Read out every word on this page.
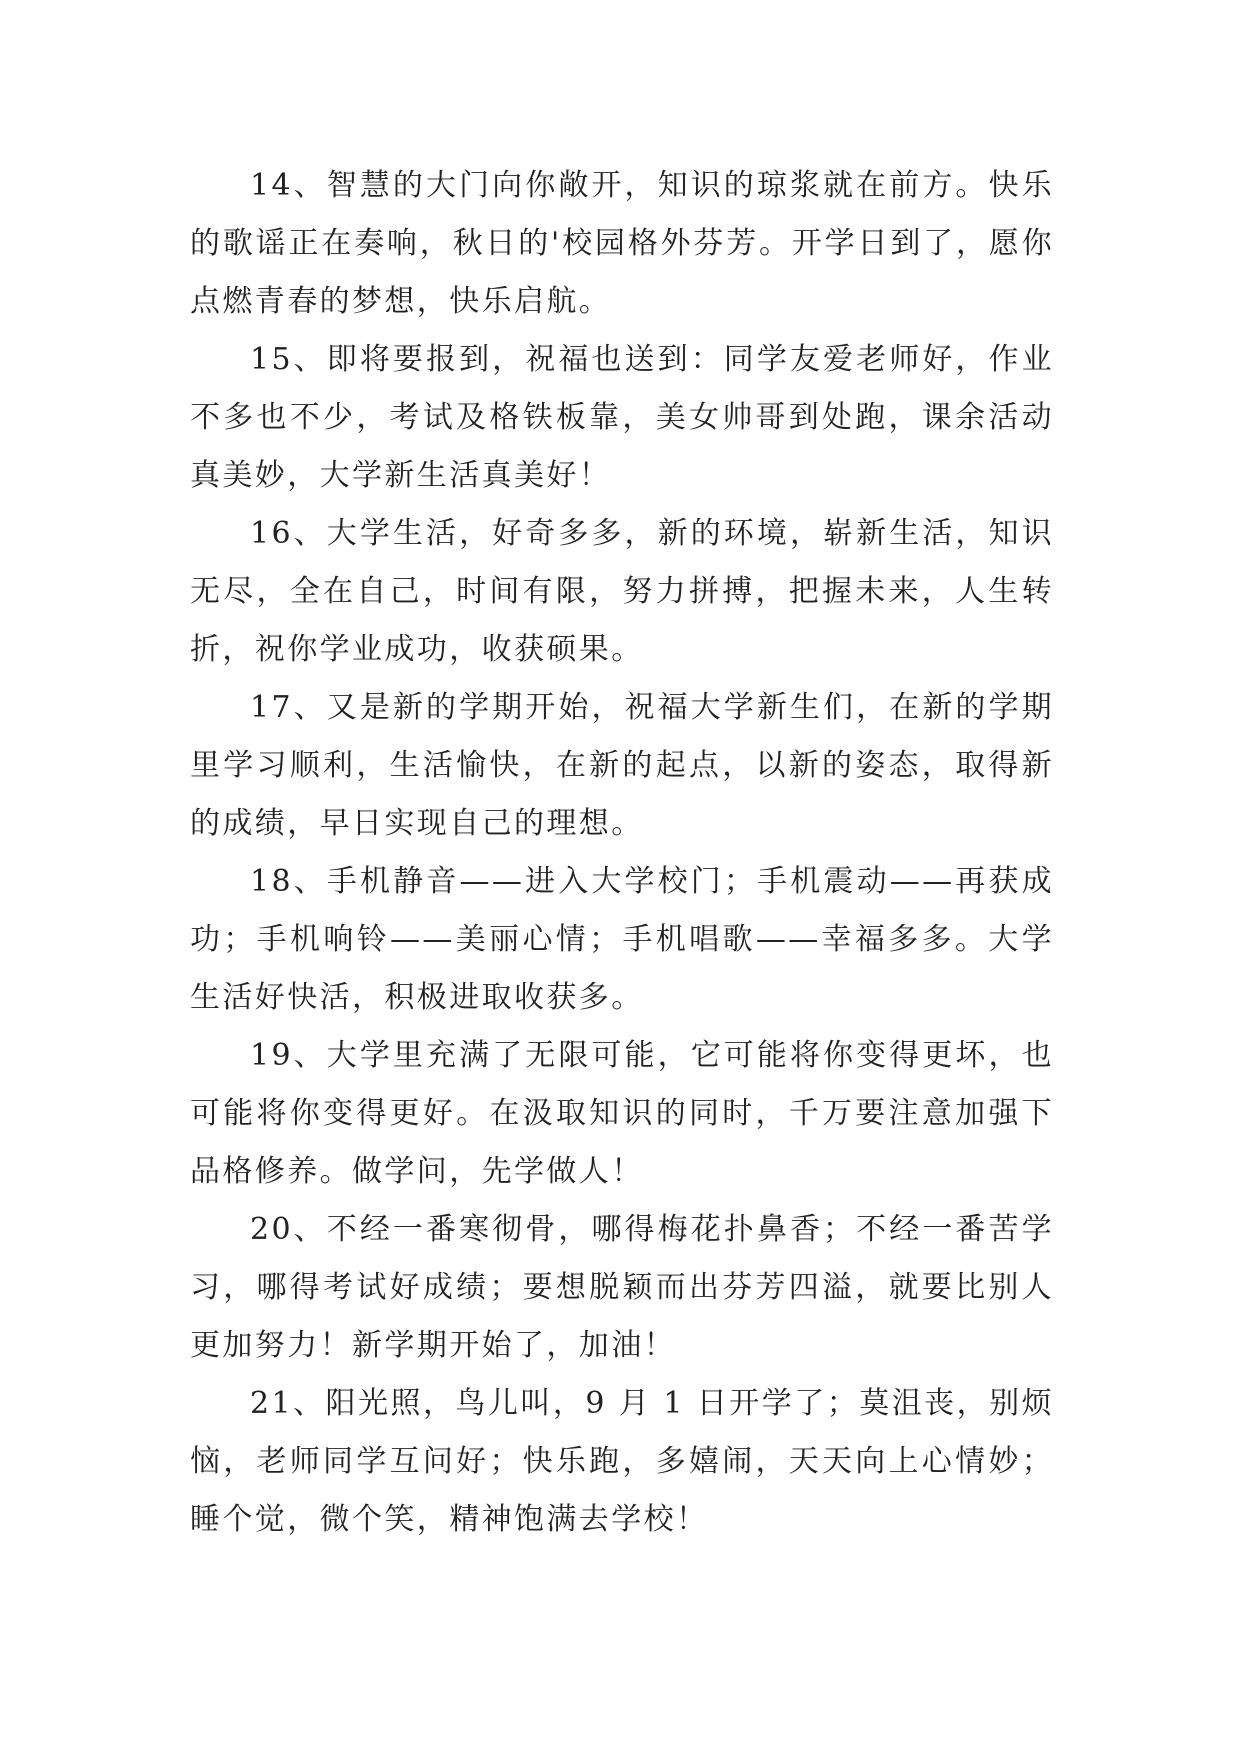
14、智慧的大门向你敞开，知识的琼浆就在前方。快乐的歌谣正在奏响，秋日的'校园格外芬芳。开学日到了，愿你点燃青春的梦想，快乐启航。

15、即将要报到，祝福也送到：同学友爱老师好，作业不多也不少，考试及格铁板靠，美女帅哥到处跑，课余活动真美妙，大学新生活真美好！

16、大学生活，好奇多多，新的环境，崭新生活，知识无尽，全在自己，时间有限，努力拼搏，把握未来，人生转折，祝你学业成功，收获硕果。

17、又是新的学期开始，祝福大学新生们，在新的学期里学习顺利，生活愉快，在新的起点，以新的姿态，取得新的成绩，早日实现自己的理想。

18、手机静音——进入大学校门；手机震动——再获成功；手机响铃——美丽心情；手机唱歌——幸福多多。大学生活好快活，积极进取收获多。

19、大学里充满了无限可能，它可能将你变得更坏，也可能将你变得更好。在汲取知识的同时，千万要注意加强下品格修养。做学问，先学做人！

20、不经一番寒彻骨，哪得梅花扑鼻香；不经一番苦学习，哪得考试好成绩；要想脱颖而出芬芳四溢，就要比别人更加努力！新学期开始了，加油！

21、阳光照，鸟儿叫，9 月 1 日开学了；莫沮丧，别烦恼，老师同学互问好；快乐跑，多嬉闹，天天向上心情妙；睡个觉，微个笑，精神饱满去学校！
